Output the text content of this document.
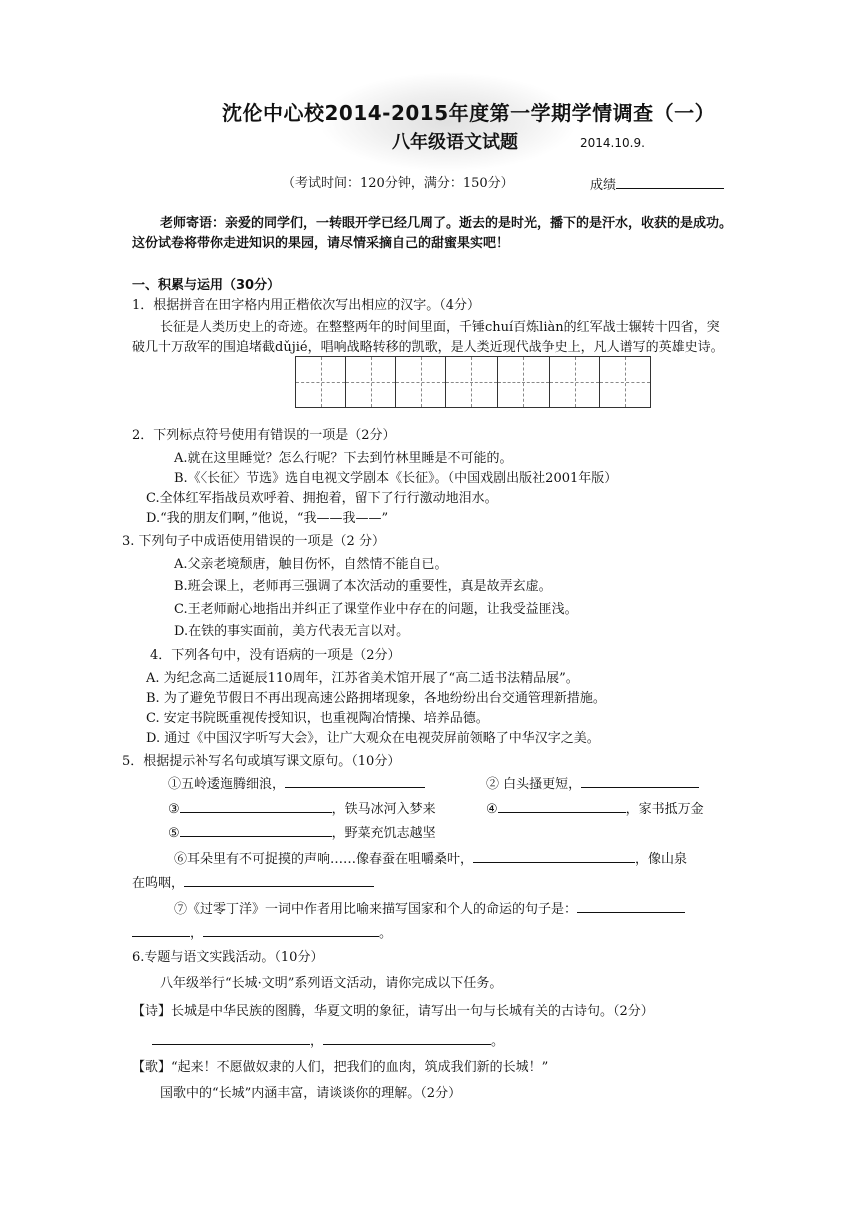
沈伦中心校2014-2015年度第一学期学情调查（一）
八年级语文试题	2014.10.9.
（考试时间：120分钟，满分：150分）	成绩
老师寄语：亲爱的同学们，一转眼开学已经几周了。逝去的是时光，播下的是汗水，收获的是成功。
这份试卷将带你走进知识的果园，请尽情采摘自己的甜蜜果实吧！
一、积累与运用（30分）
1．根据拼音在田字格内用正楷依次写出相应的汉字。（4分）
长征是人类历史上的奇迹。在整整两年的时间里面，千锤chuí百炼liàn的红军战士辗转十四省，突
破几十万敌军的围追堵截dǔjié，唱响战略转移的凯歌，是人类近现代战争史上，凡人谱写的英雄史诗。
2．下列标点符号使用有错误的一项是（2分）
A.就在这里睡觉？怎么行呢？下去到竹林里睡是不可能的。
B.《〈长征〉节选》选自电视文学剧本《长征》。（中国戏剧出版社2001年版）
C.全体红军指战员欢呼着、拥抱着，留下了行行激动地泪水。
D.“我的朋友们啊，”他说，“我——我——”
3. 下列句子中成语使用错误的一项是（2 分）
A.父亲老境颓唐，触目伤怀，自然情不能自已。
B.班会课上，老师再三强调了本次活动的重要性，真是故弄玄虚。
C.王老师耐心地指出并纠正了课堂作业中存在的问题，让我受益匪浅。
D.在铁的事实面前，美方代表无言以对。
4．下列各句中，没有语病的一项是（2分）
A. 为纪念高二适诞辰110周年，江苏省美术馆开展了“高二适书法精品展”。
B. 为了避免节假日不再出现高速公路拥堵现象，各地纷纷出台交通管理新措施。
C. 安定书院既重视传授知识，也重视陶冶情操、培养品德。
D. 通过《中国汉字听写大会》，让广大观众在电视荧屏前领略了中华汉字之美。
5．根据提示补写名句或填写课文原句。（10分）
①五岭逶迤腾细浪，	② 白头搔更短，
③	，铁马冰河入梦来	④	，家书抵万金
⑤	，野菜充饥志越坚
⑥耳朵里有不可捉摸的声响……像春蚕在咀嚼桑叶，	，像山泉
在呜咽，
⑦《过零丁洋》一词中作者用比喻来描写国家和个人的命运的句子是：
，	。
6.专题与语文实践活动。（10分）
八年级举行“长城·文明”系列语文活动，请你完成以下任务。
【诗】长城是中华民族的图腾，华夏文明的象征，请写出一句与长城有关的古诗句。（2分）
，	。
【歌】“起来！不愿做奴隶的人们，把我们的血肉，筑成我们新的长城！”
国歌中的“长城”内涵丰富，请谈谈你的理解。（2分）
